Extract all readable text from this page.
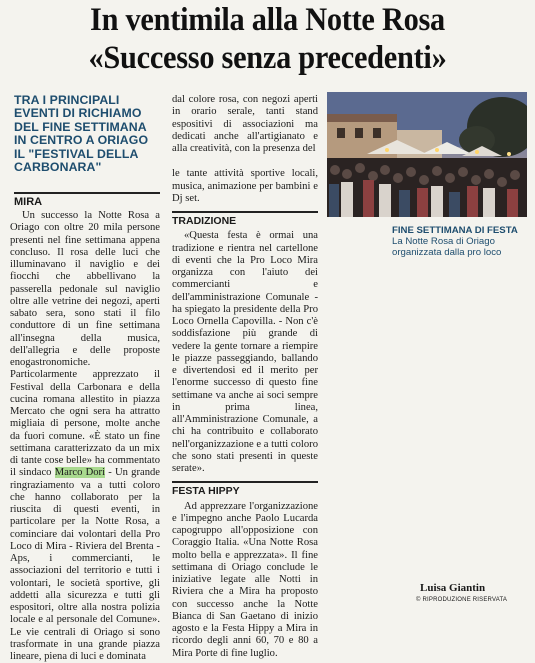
In ventimila alla Notte Rosa
«Successo senza precedenti»
TRA I PRINCIPALI EVENTI DI RICHIAMO DEL FINE SETTIMANA IN CENTRO A ORIAGO IL "FESTIVAL DELLA CARBONARA"
MIRA

Un successo la Notte Rosa a Oriago con oltre 20 mila persone presenti nel fine settimana appena concluso. Il rosa delle luci che illuminavano il naviglio e dei fiocchi che abbellivano la passerella pedonale sul naviglio oltre alle vetrine dei negozi, aperti sabato sera, sono stati il filo conduttore di un fine settimana all'insegna della musica, dell'allegria e delle proposte enogastronomiche. Particolarmente apprezzato il Festival della Carbonara e della cucina romana allestito in piazza Mercato che ogni sera ha attratto migliaia di persone, molte anche da fuori comune. «È stato un fine settimana caratterizzato da un mix di tante cose belle» ha commentato il sindaco Marco Dori - Un grande ringraziamento va a tutti coloro che hanno collaborato per la riuscita di questi eventi, in particolare per la Notte Rosa, a cominciare dai volontari della Pro Loco di Mira - Riviera del Brenta - Aps, i commercianti, le associazioni del territorio e tutti i volontari, le società sportive, gli addetti alla sicurezza e tutti gli espositori, oltre alla nostra polizia locale e al personale del Comune». Le vie centrali di Oriago si sono trasformate in una grande piazza lineare, piena di luci e dominata

dal colore rosa, con negozi aperti in orario serale, tanti stand espositivi di associazioni ma dedicati anche all'artigianato e alla creatività, con la presenza del

le tante attività sportive locali, musica, animazione per bambini e Dj set.

TRADIZIONE

«Questa festa è ormai una tradizione e rientra nel cartellone di eventi che la Pro Loco Mira organizza con l'aiuto dei commercianti e dell'amministrazione Comunale - ha spiegato la presidente della Pro Loco Ornella Capovilla. - Non c'è soddisfazione più grande di vedere la gente tornare a riempire le piazze passeggiando, ballando e divertendosi ed il merito per l'enorme successo di questo fine settimane va anche ai soci sempre in prima linea, all'Amministrazione Comunale, a chi ha contribuito e collaborato nell'organizzazione e a tutti coloro che sono stati presenti in queste serate».

FESTA HIPPY

Ad apprezzare l'organizzazione e l'impegno anche Paolo Lucarda capogruppo all'opposizione con Coraggio Italia. «Una Notte Rosa molto bella e apprezzata». Il fine settimana di Oriago conclude le iniziative legate alle Notti in Riviera che a Mira ha proposto con successo anche la Notte Bianca di San Gaetano di inizio agosto e la Festa Hippy a Mira in ricordo degli anni 60, 70 e 80 a Mira Porte di fine luglio.

FINE SETTIMANA DI FESTA La Notte Rosa di Oriago organizzata dalla pro loco
Luisa Giantin
© RIPRODUZIONE RISERVATA
